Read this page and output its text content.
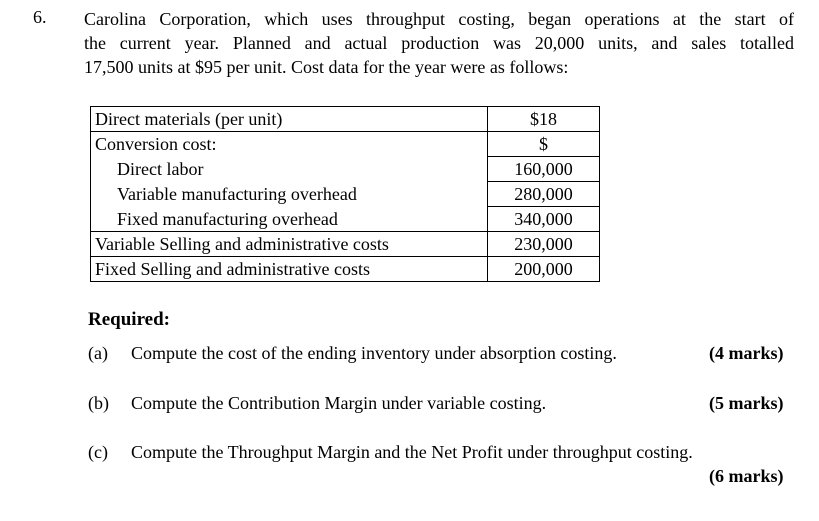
6. Carolina Corporation, which uses throughput costing, began operations at the start of
the current year. Planned and actual production was 20,000 units, and sales totalled
17,500 units at $95 per unit. Cost data for the year were as follows:
Direct materials (per unit)	$18
Conversion cost:	$
Direct labor	160,000
Variable manufacturing overhead	280,000
Fixed manufacturing overhead	340,000
Variable Selling and administrative costs	230,000
Fixed Selling and administrative costs	200,000
Required:
(a) Compute the cost of the ending inventory under absorption costing.	(4 marks)
(b) Compute the Contribution Margin under variable costing.	(5 marks)
(c) Compute the Throughput Margin and the Net Profit under throughput costing.
(6 marks)
